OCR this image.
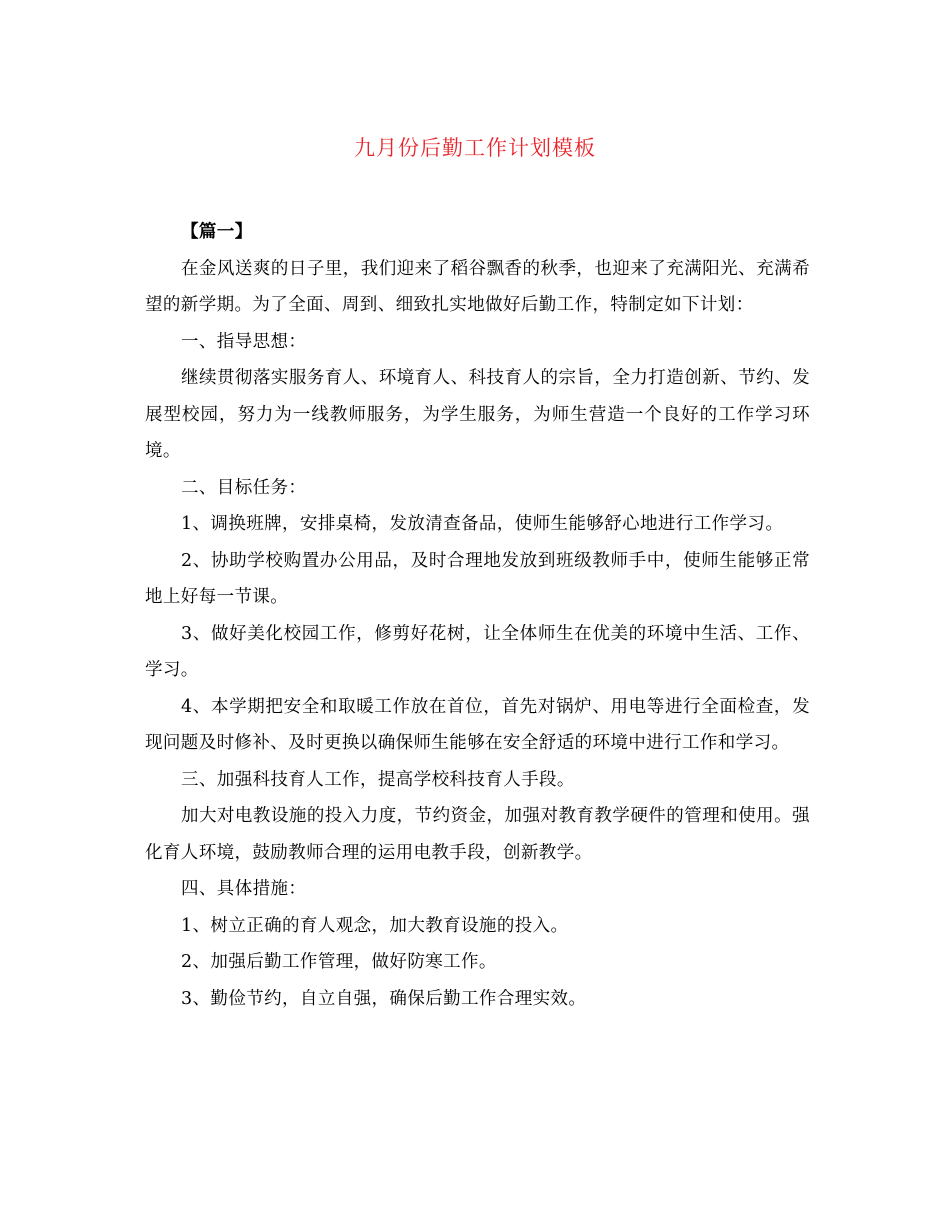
九月份后勤工作计划模板

【篇一】

在金风送爽的日子里，我们迎来了稻谷飘香的秋季，也迎来了充满阳光、充满希望的新学期。为了全面、周到、细致扎实地做好后勤工作，特制定如下计划：

一、指导思想：

继续贯彻落实服务育人、环境育人、科技育人的宗旨，全力打造创新、节约、发展型校园，努力为一线教师服务，为学生服务，为师生营造一个良好的工作学习环境。

二、目标任务：

1、调换班牌，安排桌椅，发放清查备品，使师生能够舒心地进行工作学习。

2、协助学校购置办公用品，及时合理地发放到班级教师手中，使师生能够正常地上好每一节课。

3、做好美化校园工作，修剪好花树，让全体师生在优美的环境中生活、工作、学习。

4、本学期把安全和取暖工作放在首位，首先对锅炉、用电等进行全面检查，发现问题及时修补、及时更换以确保师生能够在安全舒适的环境中进行工作和学习。

三、加强科技育人工作，提高学校科技育人手段。

加大对电教设施的投入力度，节约资金，加强对教育教学硬件的管理和使用。强化育人环境，鼓励教师合理的运用电教手段，创新教学。

四、具体措施：

1、树立正确的育人观念，加大教育设施的投入。

2、加强后勤工作管理，做好防寒工作。

3、勤俭节约，自立自强，确保后勤工作合理实效。
